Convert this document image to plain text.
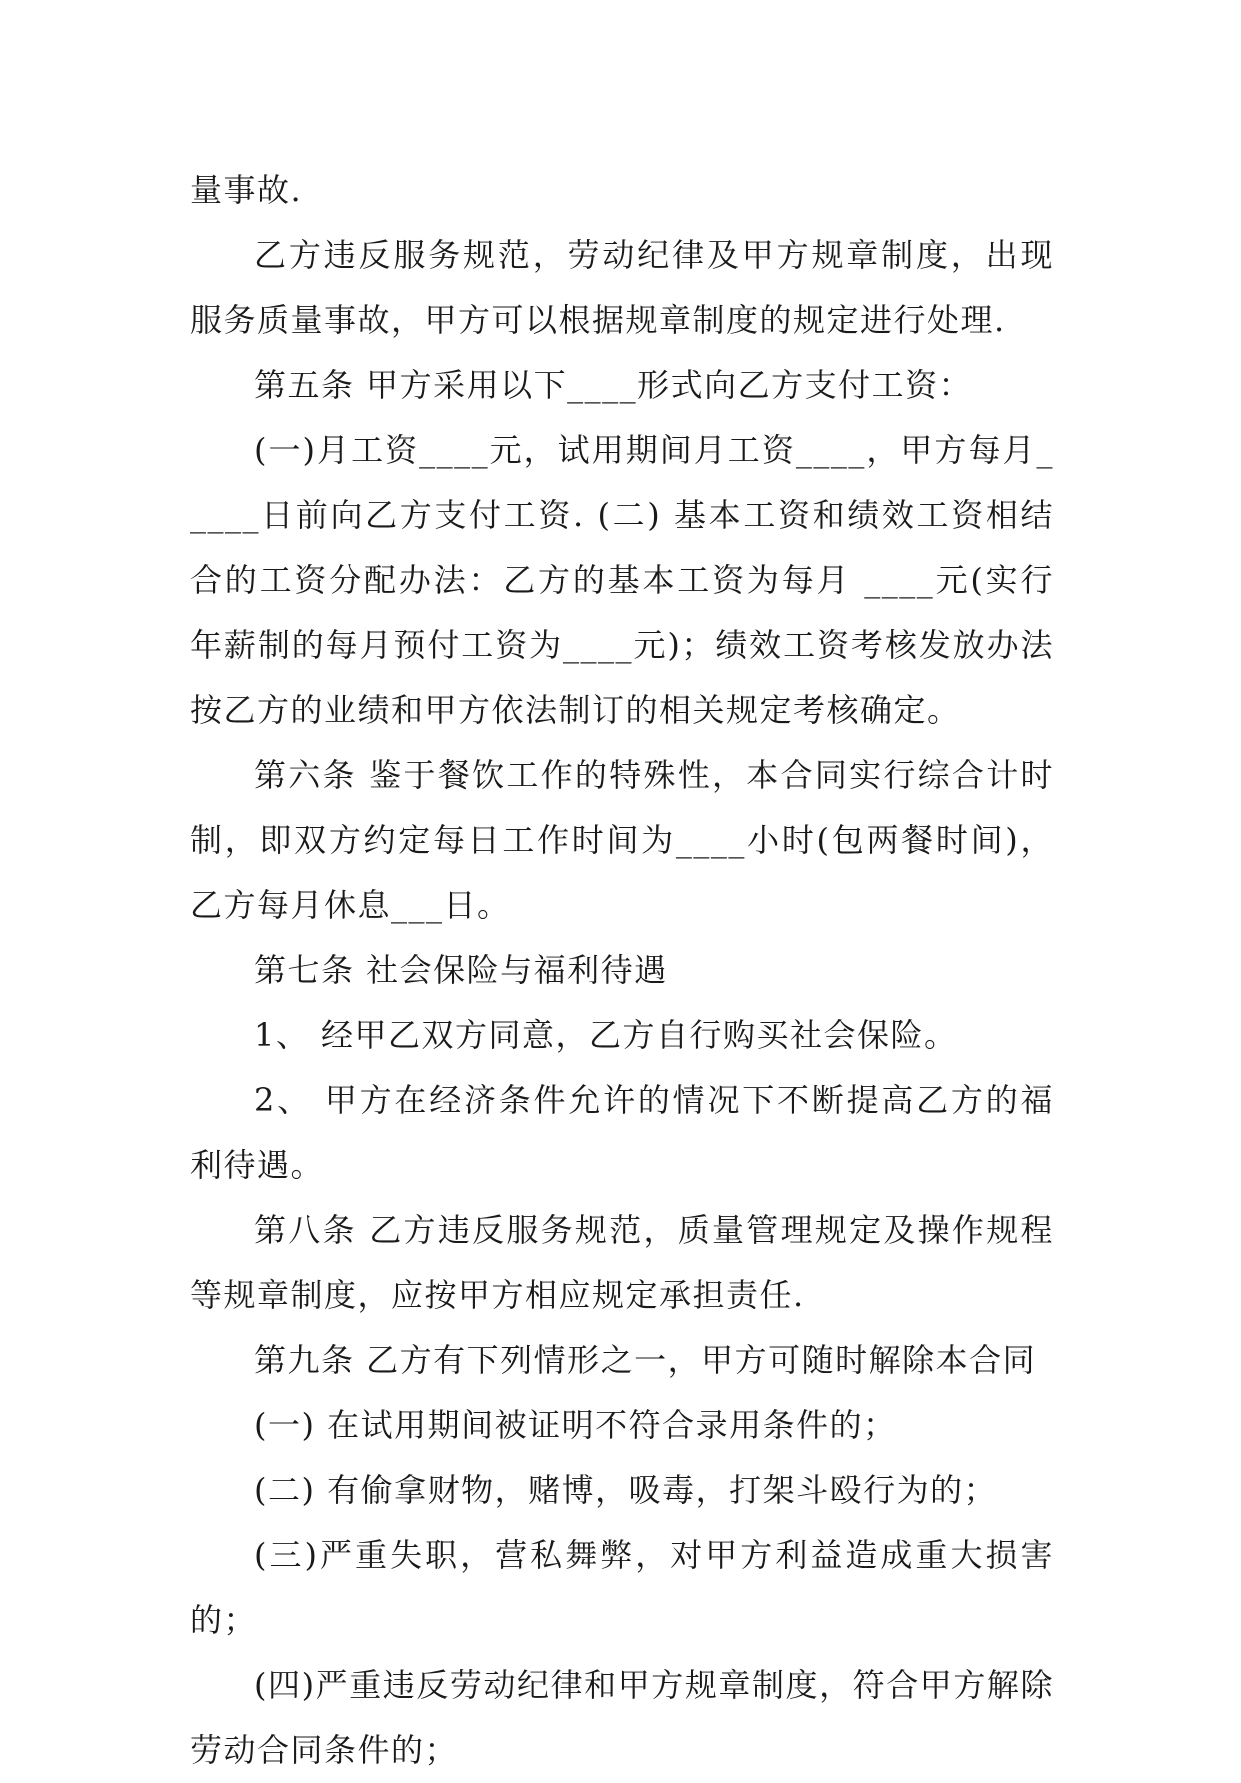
量事故.

乙方违反服务规范，劳动纪律及甲方规章制度，出现服务质量事故，甲方可以根据规章制度的规定进行处理.

第五条 甲方采用以下____形式向乙方支付工资：

(一)月工资____元，试用期间月工资____，甲方每月_____日前向乙方支付工资. (二) 基本工资和绩效工资相结合的工资分配办法：乙方的基本工资为每月 ____元(实行年薪制的每月预付工资为____元)；绩效工资考核发放办法按乙方的业绩和甲方依法制订的相关规定考核确定。

第六条 鉴于餐饮工作的特殊性，本合同实行综合计时制，即双方约定每日工作时间为____小时(包两餐时间)，乙方每月休息___日。

第七条 社会保险与福利待遇

1、 经甲乙双方同意，乙方自行购买社会保险。

2、 甲方在经济条件允许的情况下不断提高乙方的福利待遇。

第八条 乙方违反服务规范，质量管理规定及操作规程等规章制度，应按甲方相应规定承担责任.

第九条 乙方有下列情形之一，甲方可随时解除本合同

(一) 在试用期间被证明不符合录用条件的；

(二) 有偷拿财物，赌博，吸毒，打架斗殴行为的；

(三)严重失职，营私舞弊，对甲方利益造成重大损害的；

(四)严重违反劳动纪律和甲方规章制度，符合甲方解除劳动合同条件的；
